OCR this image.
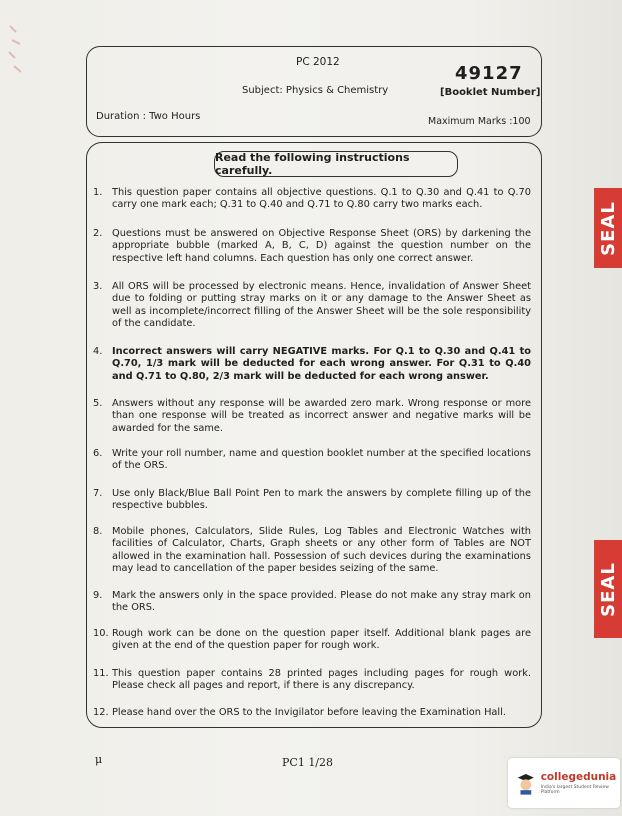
PC 2012
49127
Subject: Physics & Chemistry	[Booklet Number]
Duration : Two Hours	Maximum Marks :100
Read the following instructions carefully.
1. This question paper contains all objective questions. Q.1 to Q.30 and Q.41 to Q.70 carry one mark each; Q.31 to Q.40 and Q.71 to Q.80 carry two marks each.
2. Questions must be answered on Objective Response Sheet (ORS) by darkening the appropriate bubble (marked A, B, C, D) against the question number on the respective left hand columns. Each question has only one correct answer.
3. All ORS will be processed by electronic means. Hence, invalidation of Answer Sheet due to folding or putting stray marks on it or any damage to the Answer Sheet as well as incomplete/incorrect filling of the Answer Sheet will be the sole responsibility of the candidate.
4. Incorrect answers will carry NEGATIVE marks. For Q.1 to Q.30 and Q.41 to Q.70, 1/3 mark will be deducted for each wrong answer. For Q.31 to Q.40 and Q.71 to Q.80, 2/3 mark will be deducted for each wrong answer.
5. Answers without any response will be awarded zero mark. Wrong response or more than one response will be treated as incorrect answer and negative marks will be awarded for the same.
6. Write your roll number, name and question booklet number at the specified locations of the ORS.
7. Use only Black/Blue Ball Point Pen to mark the answers by complete filling up of the respective bubbles.
8. Mobile phones, Calculators, Slide Rules, Log Tables and Electronic Watches with facilities of Calculator, Charts, Graph sheets or any other form of Tables are NOT allowed in the examination hall. Possession of such devices during the examinations may lead to cancellation of the paper besides seizing of the same.
9. Mark the answers only in the space provided. Please do not make any stray mark on the ORS.
10. Rough work can be done on the question paper itself. Additional blank pages are given at the end of the question paper for rough work.
11. This question paper contains 28 printed pages including pages for rough work. Please check all pages and report, if there is any discrepancy.
12. Please hand over the ORS to the Invigilator before leaving the Examination Hall.
μ	PC1 1/28
SEAL
SEAL
collegedunia
India's largest Student Review Platform
